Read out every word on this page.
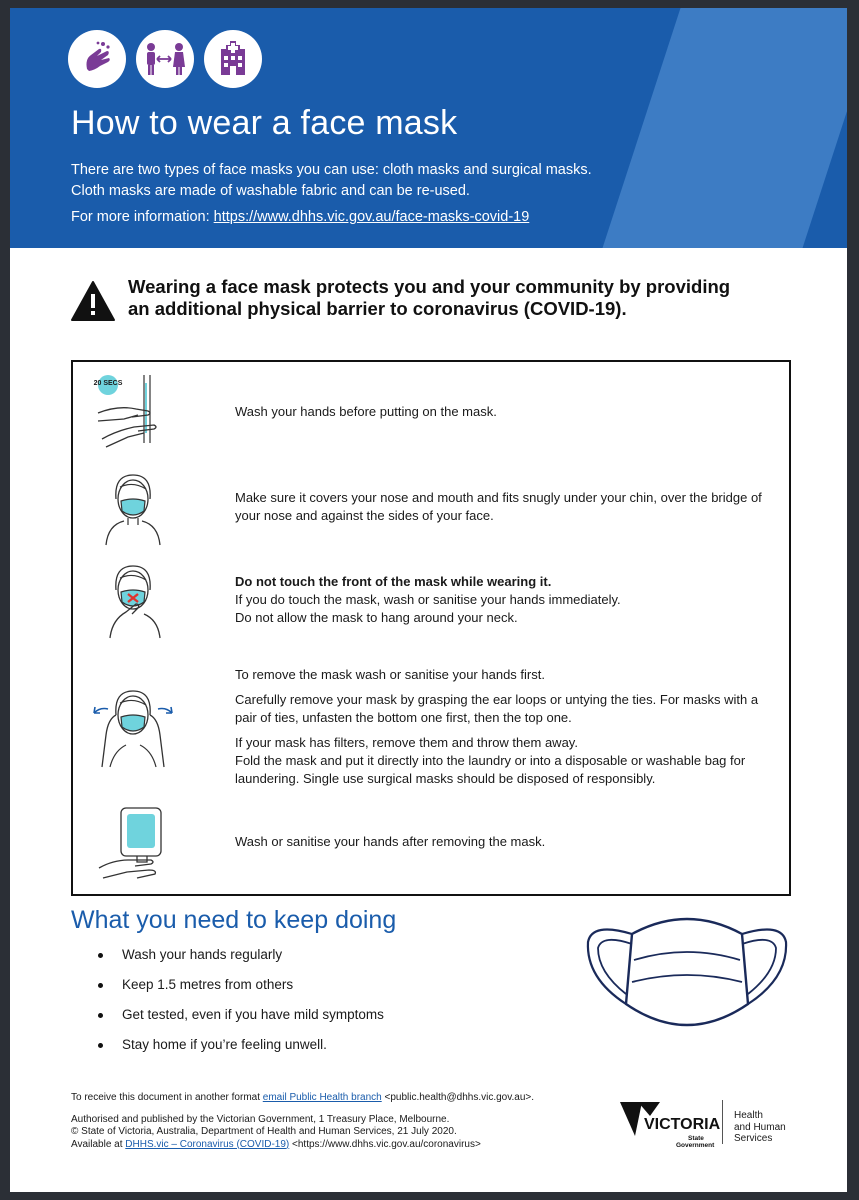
How to wear a face mask
There are two types of face masks you can use: cloth masks and surgical masks.
Cloth masks are made of washable fabric and can be re-used.
For more information: https://www.dhhs.vic.gov.au/face-masks-covid-19
Wearing a face mask protects you and your community by providing
an additional physical barrier to coronavirus (COVID-19).
20 SECS

Wash your hands before putting on the mask.

Make sure it covers your nose and mouth and fits snugly under your chin, over the bridge of your nose and against the sides of your face.

Do not touch the front of the mask while wearing it.

If you do touch the mask, wash or sanitise your hands immediately.

Do not allow the mask to hang around your neck.

To remove the mask wash or sanitise your hands first.

Carefully remove your mask by grasping the ear loops or untying the ties. For masks with a pair of ties, unfasten the bottom one first, then the top one.

If your mask has filters, remove them and throw them away.

Fold the mask and put it directly into the laundry or into a disposable or washable bag for laundering. Single use surgical masks should be disposed of responsibly.

Wash or sanitise your hands after removing the mask.

What you need to keep doing
Wash your hands regularly
Keep 1.5 metres from others
Get tested, even if you have mild symptoms
Stay home if you’re feeling unwell.

To receive this document in another format email Public Health branch <public.health@dhhs.vic.gov.au>.

Authorised and published by the Victorian Government, 1 Treasury Place, Melbourne.

© State of Victoria, Australia, Department of Health and Human Services, 21 July 2020.

Available at DHHS.vic – Coronavirus (COVID-19) <https://www.dhhs.vic.gov.au/coronavirus>

VICTORIA
State
Government
Health
and Human
Services
